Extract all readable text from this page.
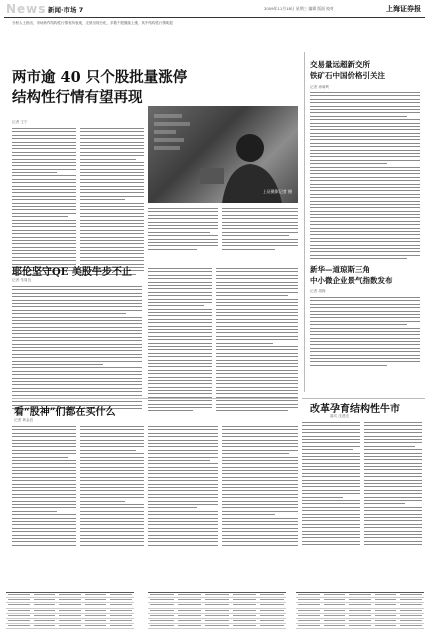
News 新闻·市场 7	2009年11月18日 星期三 编辑 版面 校对	上海证券报
分析人士指出，市场炒作结构性行情有所表现，走势出现分化，多数个股继续上涨，其中结构性行情明显
两市逾 40 只个股批量涨停
结构性行情有望再现
记者 王宁
上证摄影记者 摄
耶伦坚守QE 美股牛步不止
记者 朱周良
交易量远超新交所
铁矿石中国价格引关注
记者 徐虞利
新华—道琼斯三角
中小微企业景气指数发布
记者 周翰
看“股神”们都在买什么
记者 黄金滔
改革孕育结构性牛市
嘉宾 沈建光
